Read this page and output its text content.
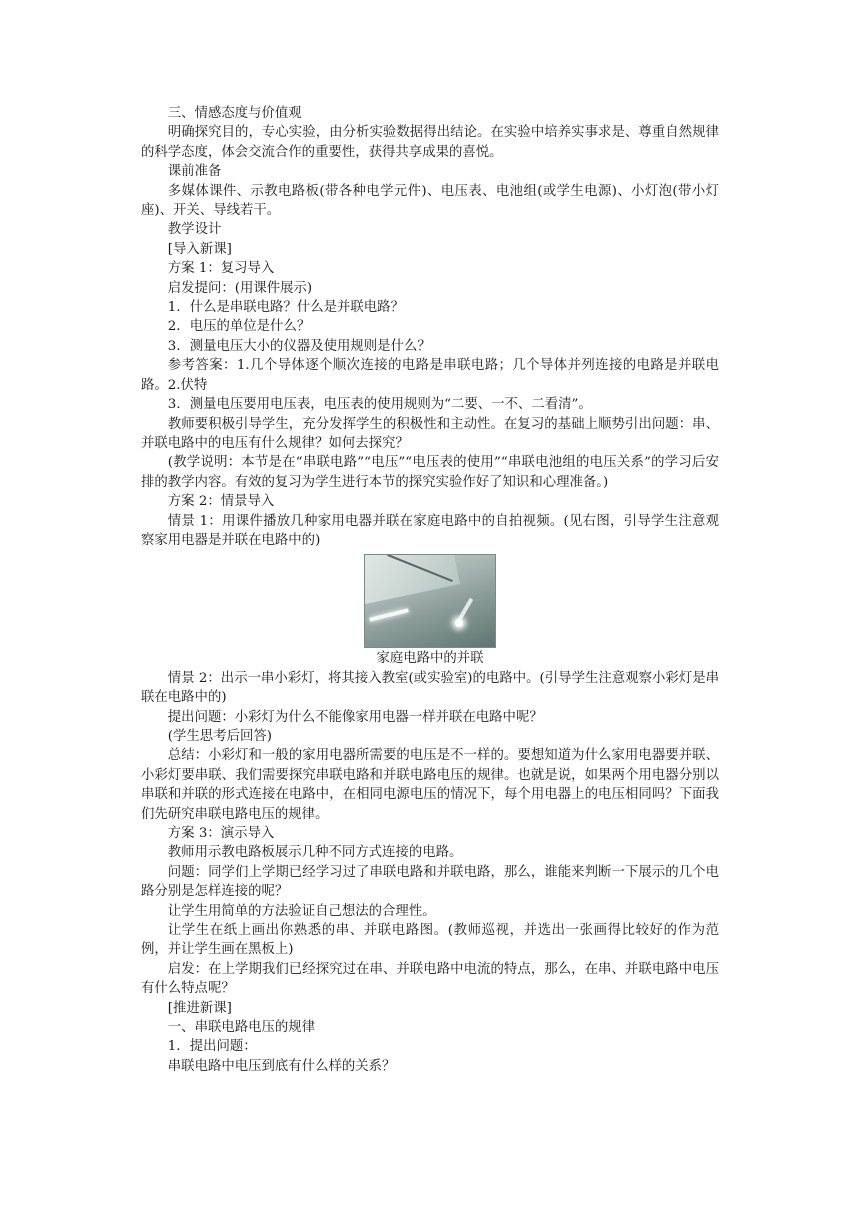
三、情感态度与价值观

明确探究目的，专心实验，由分析实验数据得出结论。在实验中培养实事求是、尊重自然规律的科学态度，体会交流合作的重要性，获得共享成果的喜悦。

课前准备

多媒体课件、示教电路板(带各种电学元件)、电压表、电池组(或学生电源)、小灯泡(带小灯座)、开关、导线若干。

教学设计

[导入新课]

方案 1：复习导入

启发提问：(用课件展示)

1．什么是串联电路？什么是并联电路？

2．电压的单位是什么？

3．测量电压大小的仪器及使用规则是什么？

参考答案：1.几个导体逐个顺次连接的电路是串联电路；几个导体并列连接的电路是并联电路。2.伏特

3．测量电压要用电压表，电压表的使用规则为“二要、一不、二看清”。

教师要积极引导学生，充分发挥学生的积极性和主动性。在复习的基础上顺势引出问题：串、并联电路中的电压有什么规律？如何去探究？

(教学说明：本节是在“串联电路”“电压”“电压表的使用”“串联电池组的电压关系”的学习后安排的教学内容。有效的复习为学生进行本节的探究实验作好了知识和心理准备。)

方案 2：情景导入

情景 1：用课件播放几种家用电器并联在家庭电路中的自拍视频。(见右图，引导学生注意观察家用电器是并联在电路中的)

家庭电路中的并联

情景 2：出示一串小彩灯，将其接入教室(或实验室)的电路中。(引导学生注意观察小彩灯是串联在电路中的)

提出问题：小彩灯为什么不能像家用电器一样并联在电路中呢？

(学生思考后回答)

总结：小彩灯和一般的家用电器所需要的电压是不一样的。要想知道为什么家用电器要并联、小彩灯要串联、我们需要探究串联电路和并联电路电压的规律。也就是说，如果两个用电器分别以串联和并联的形式连接在电路中，在相同电源电压的情况下，每个用电器上的电压相同吗？下面我们先研究串联电路电压的规律。

方案 3：演示导入

教师用示教电路板展示几种不同方式连接的电路。

问题：同学们上学期已经学习过了串联电路和并联电路，那么，谁能来判断一下展示的几个电路分别是怎样连接的呢？

让学生用简单的方法验证自己想法的合理性。

让学生在纸上画出你熟悉的串、并联电路图。(教师巡视，并选出一张画得比较好的作为范例，并让学生画在黑板上)

启发：在上学期我们已经探究过在串、并联电路中电流的特点，那么，在串、并联电路中电压有什么特点呢？

[推进新课]

一、串联电路电压的规律

1．提出问题：

串联电路中电压到底有什么样的关系？
